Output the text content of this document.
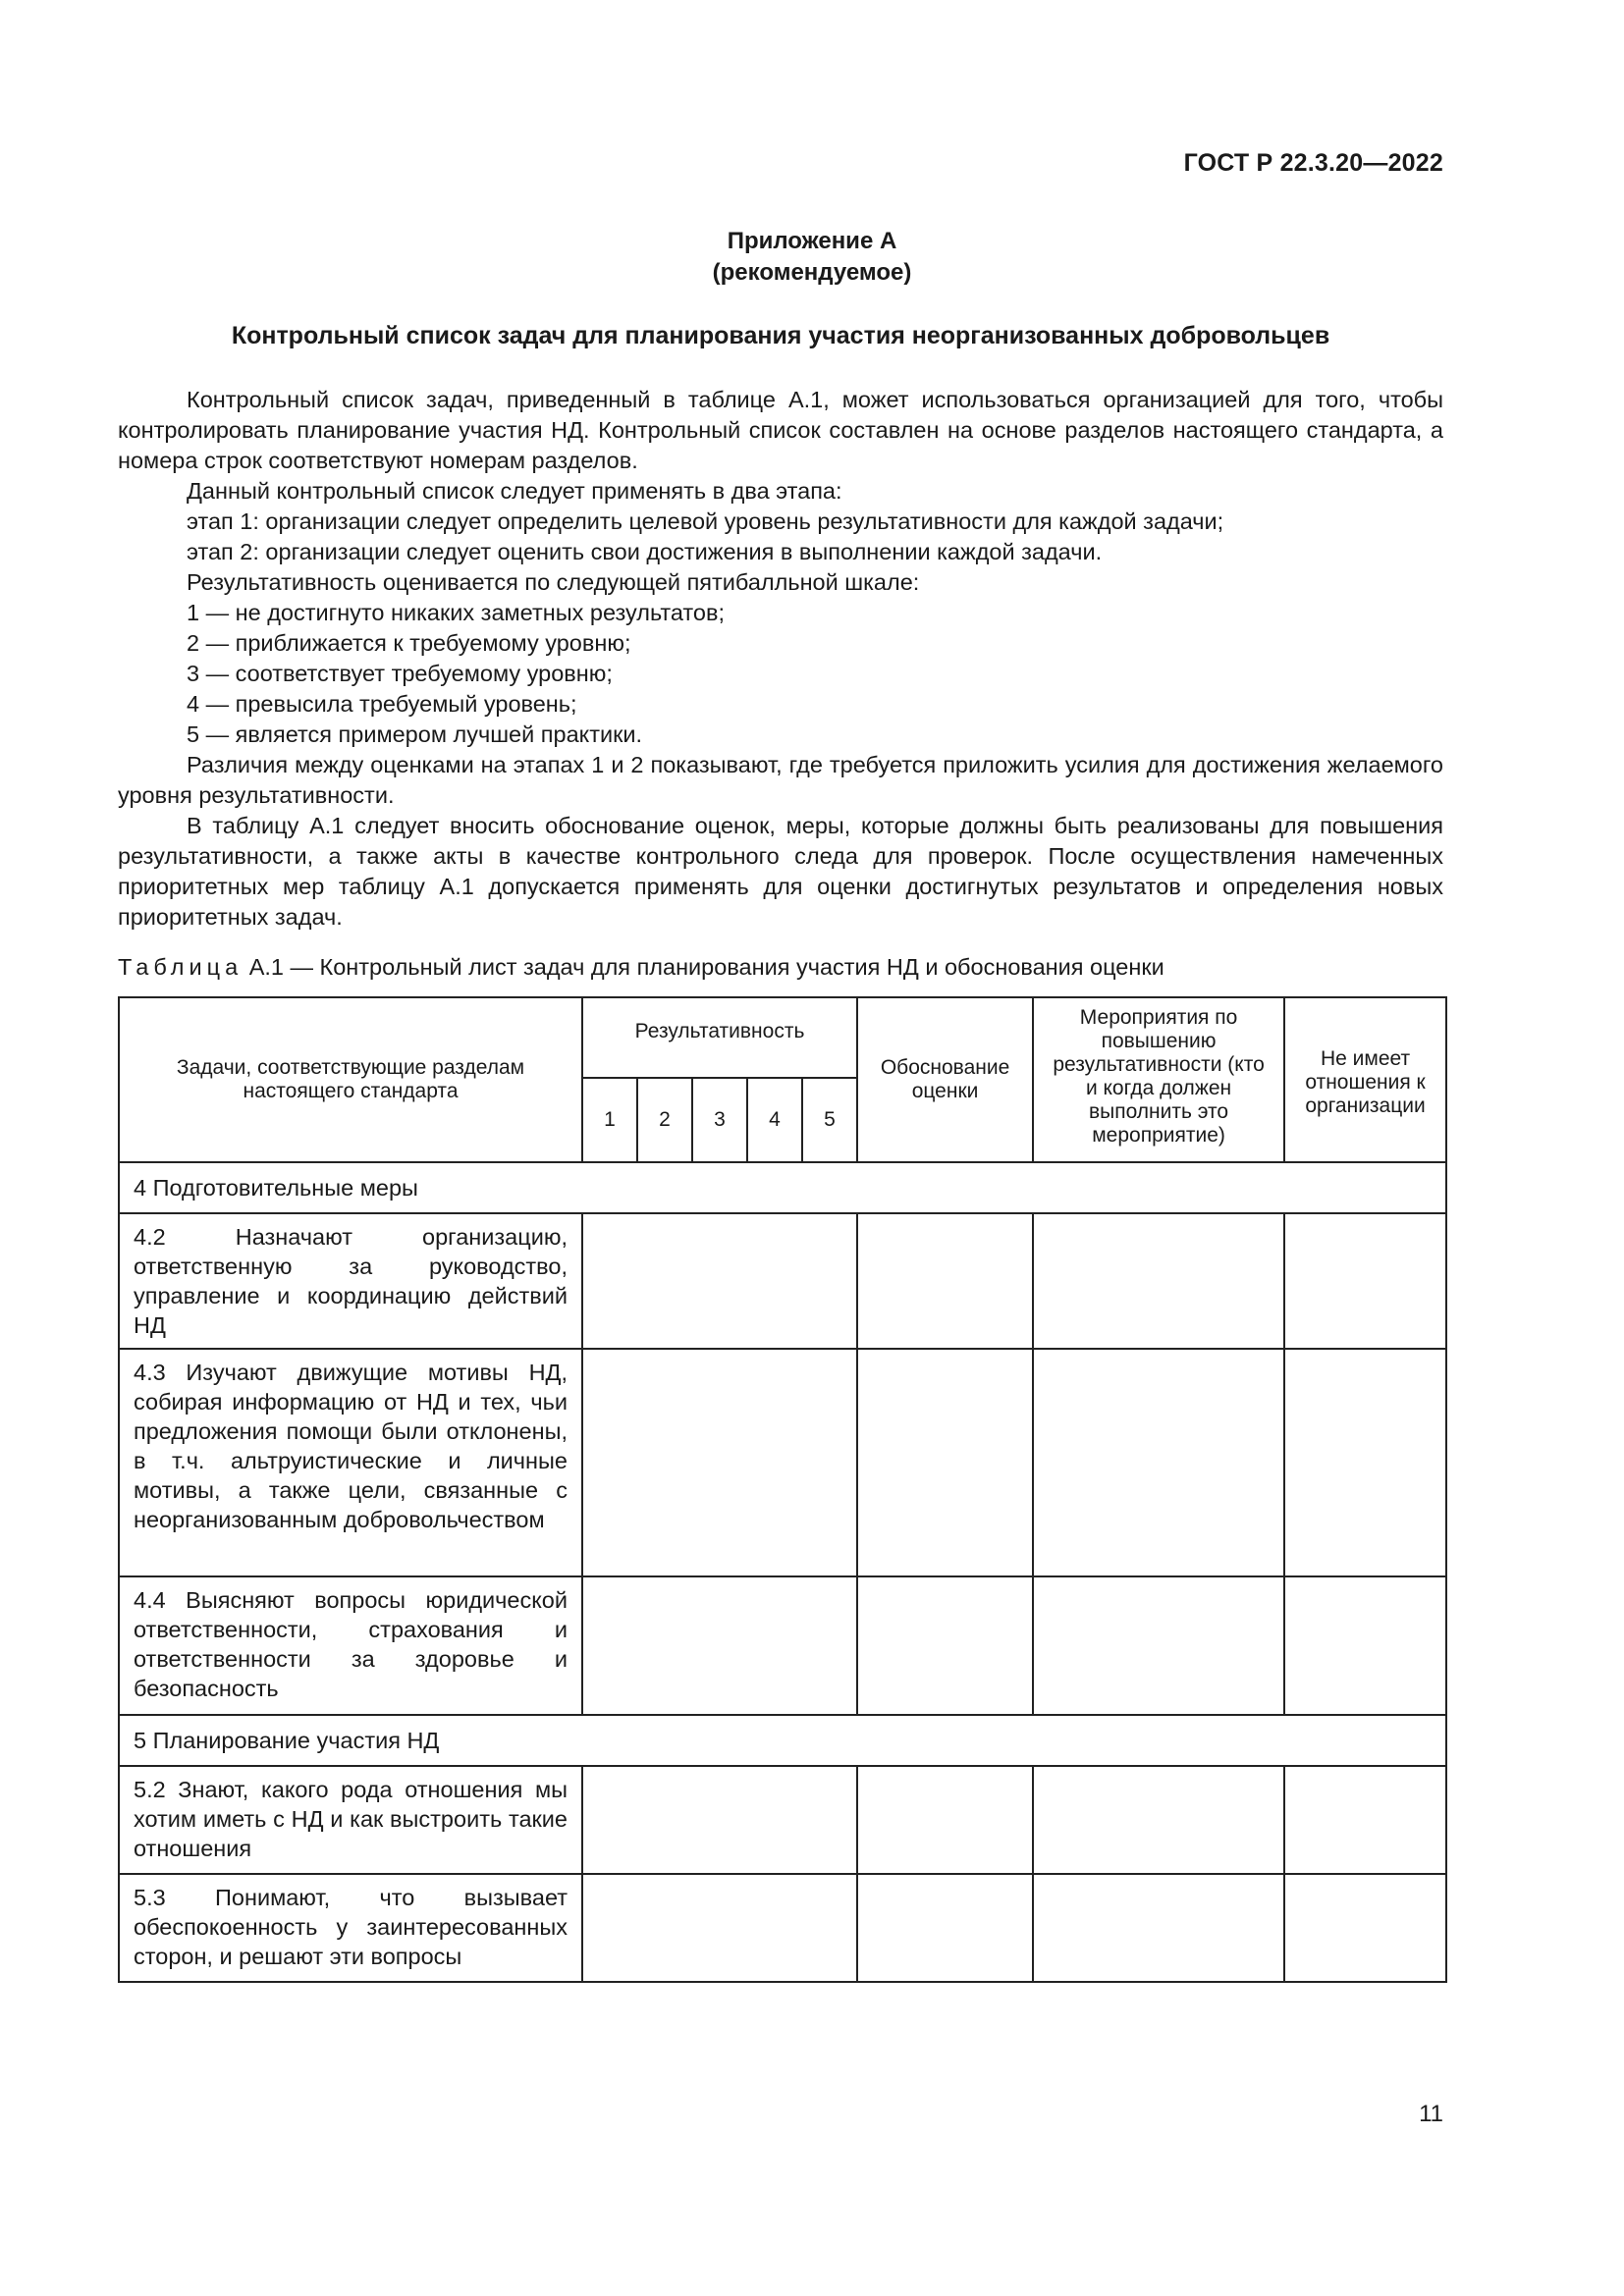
ГОСТ Р 22.3.20—2022
Приложение А
(рекомендуемое)
Контрольный список задач для планирования участия неорганизованных добровольцев

Контрольный список задач, приведенный в таблице А.1, может использоваться организацией для того, чтобы контролировать планирование участия НД. Контрольный список составлен на основе разделов настоящего стандарта, а номера строк соответствуют номерам разделов.

Данный контрольный список следует применять в два этапа:

этап 1: организации следует определить целевой уровень результативности для каждой задачи;

этап 2: организации следует оценить свои достижения в выполнении каждой задачи.

Результативность оценивается по следующей пятибалльной шкале:

1 — не достигнуто никаких заметных результатов;

2 — приближается к требуемому уровню;

3 — соответствует требуемому уровню;

4 — превысила требуемый уровень;

5 — является примером лучшей практики.

Различия между оценками на этапах 1 и 2 показывают, где требуется приложить усилия для достижения желаемого уровня результативности.

В таблицу А.1 следует вносить обоснование оценок, меры, которые должны быть реализованы для повышения результативности, а также акты в качестве контрольного следа для проверок. После осуществления намеченных приоритетных мер таблицу А.1 допускается применять для оценки достигнутых результатов и определения новых приоритетных задач.

Таблица А.1 — Контрольный лист задач для планирования участия НД и обоснования оценки
Задачи, соответствующие разделам настоящего стандарта	Результативность					Обоснование оценки	Мероприятия по повышению результативности (кто и когда должен выполнить это мероприятие)	Не имеет отношения к организации
	1	2	3	4	5			
4 Подготовительные меры								
4.2 Назначают организацию, ответственную за руководство, управление и координацию действий НД								
4.3 Изучают движущие мотивы НД, собирая информацию от НД и тех, чьи предложения помощи были отклонены, в т.ч. альтруистические и личные мотивы, а также цели, связанные с неорганизованным добровольчеством								
4.4 Выясняют вопросы юридической ответственности, страхования и ответственности за здоровье и безопасность								
5 Планирование участия НД								
5.2 Знают, какого рода отношения мы хотим иметь с НД и как выстроить такие отношения								
5.3 Понимают, что вызывает обеспокоенность у заинтересованных сторон, и решают эти вопросы								
11
